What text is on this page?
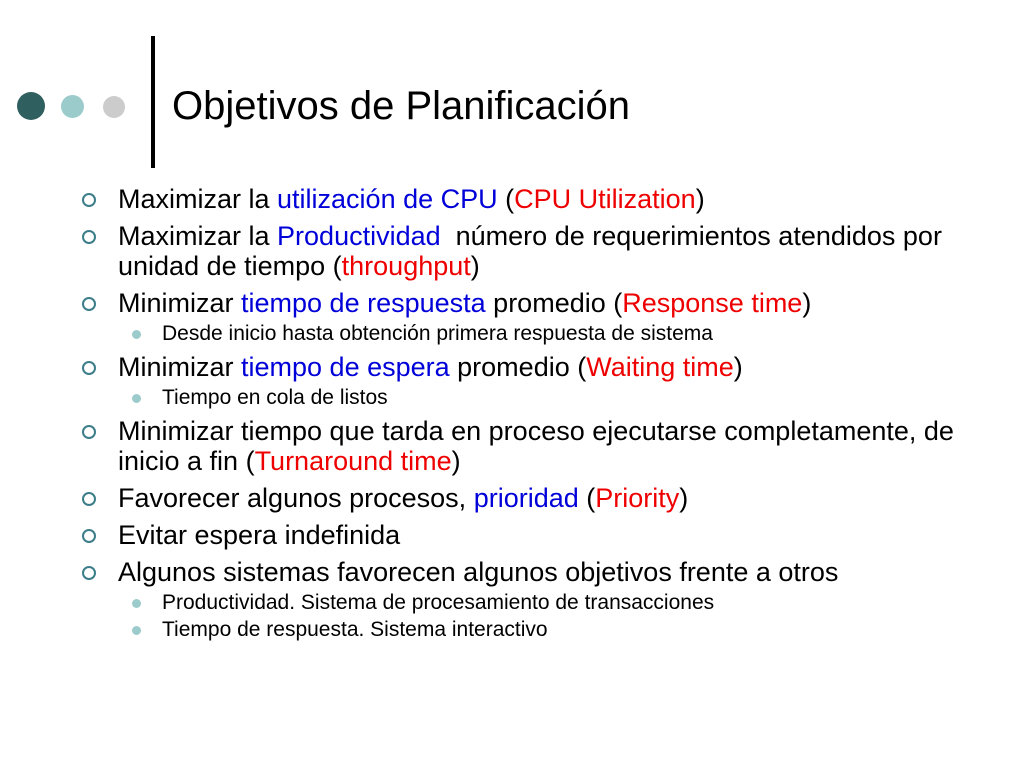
Objetivos de Planificación
Maximizar la utilización de CPU (CPU Utilization)
Maximizar la Productividad  número de requerimientos atendidos por unidad de tiempo (throughput)
Minimizar tiempo de respuesta promedio (Response time)
Desde inicio hasta obtención primera respuesta de sistema
Minimizar tiempo de espera promedio (Waiting time)
Tiempo en cola de listos
Minimizar tiempo que tarda en proceso ejecutarse completamente, de inicio a fin (Turnaround time)
Favorecer algunos procesos, prioridad (Priority)
Evitar espera indefinida
Algunos sistemas favorecen algunos objetivos frente a otros
Productividad. Sistema de procesamiento de transacciones
Tiempo de respuesta. Sistema interactivo
